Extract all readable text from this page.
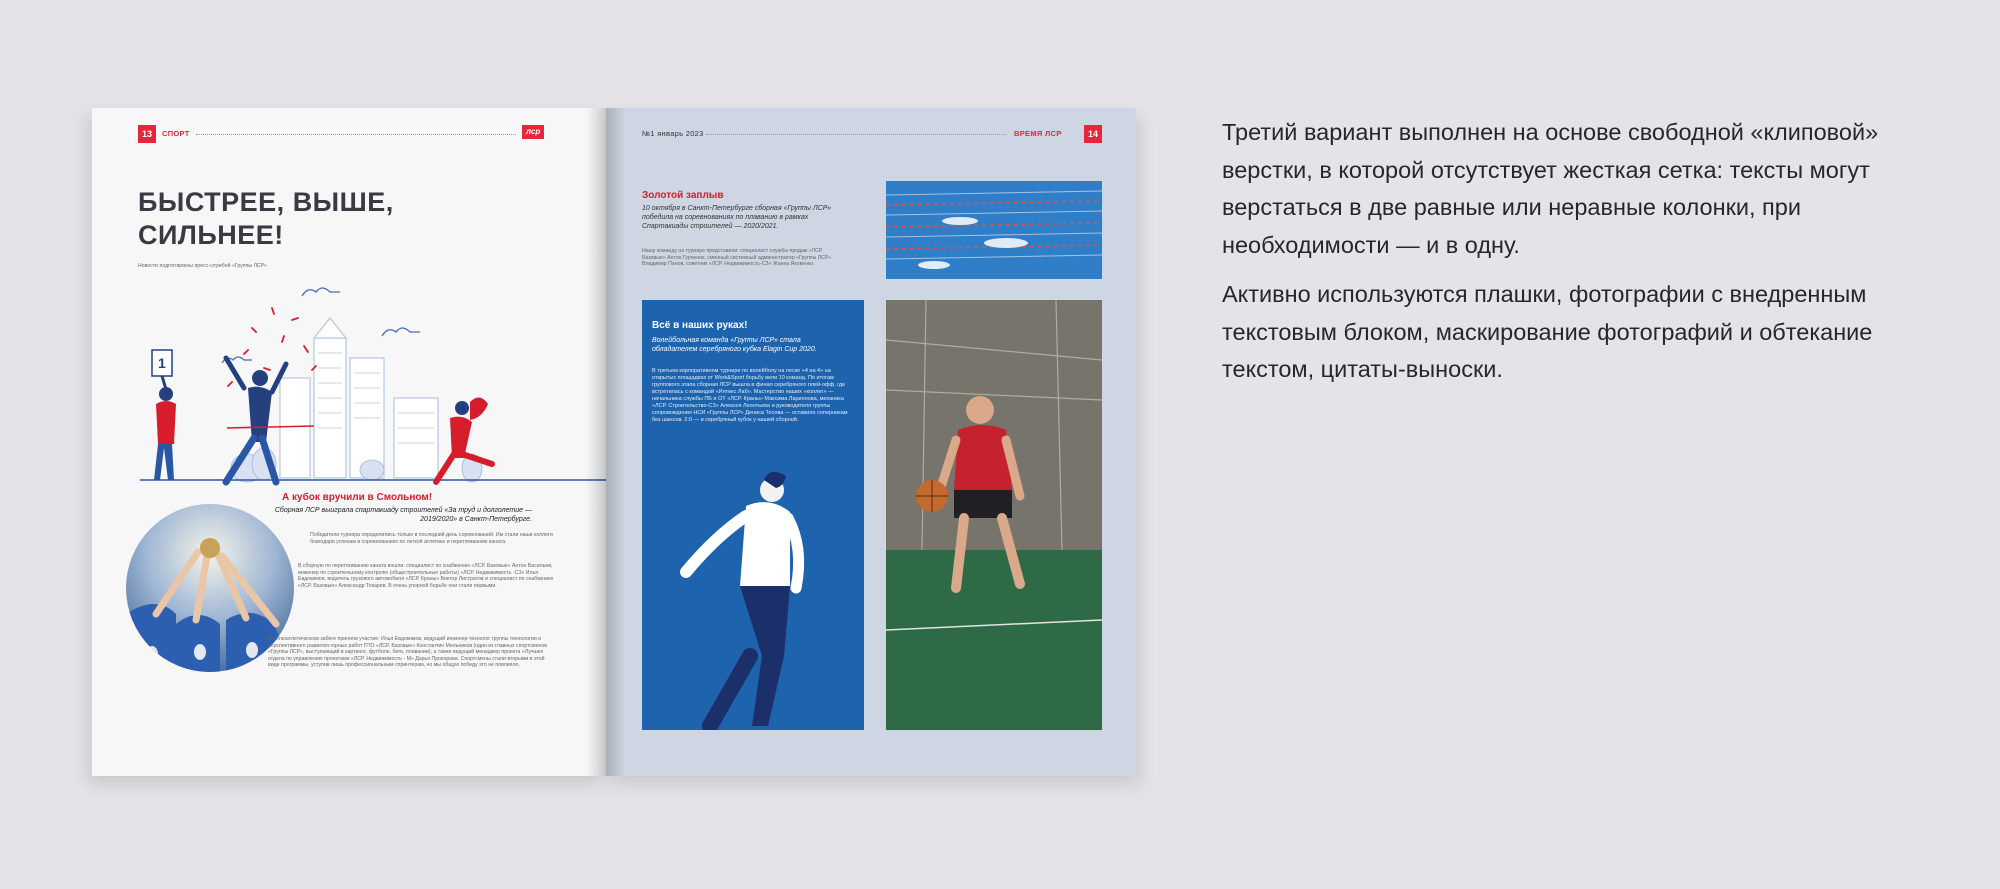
13	СПОРТ	лср
БЫСТРЕЕ, ВЫШЕ,
СИЛЬНЕЕ!
Новости подготовлены пресс-службой «Группы ЛСР»
1
А кубок вручили в Смольном!
Сборная ЛСР выиграла спартакиаду строителей «За труд и долголетие — 2019/2020» в Санкт-Петербурге.
Победители турнира определились только в последний день соревнований. Им стали наши коллеги благодаря успехам в соревнованиях по легкой атлетике и перетягиванию каната.
В сборную по перетягиванию каната вошли: специалист по снабжению «ЛСР. Базовые» Антон Васильев, инженер по строительному контролю (общестроительные работы) «ЛСР. Недвижимость -СЗ» Илья Евдокимов, водитель грузового автомобиля «ЛСР. Краны» Виктор Листратов и специалист по снабжению «ЛСР. Базовые» Александр Токарев. В очень упорной борьбе они стали первыми.
В легкоатлетическом забеге приняли участие: Илья Евдокимов, ведущий инженер-технолог группы технологии и перспективного развития горных работ ПТО «ЛСР. Базовые» Константин Мельников (один из главных спортсменов «Группы ЛСР», выступающий в картинге, футболе, беге, плавании), а также ведущий менеджер проекта «Лучшее отдела по управлению проектами «ЛСР. Недвижимость - М» Дарья Прохорова. Спортсмены стали вторыми в этой виде программы, уступив лишь профессиональным спринтерам, но мы общую победу это не повлияло.
№1 январь 2023	ВРЕМЯ ЛСР	14
Золотой заплыв
10 октября в Санкт-Петербурге сборная «Группы ЛСР» победила на соревнованиях по плаванию в рамках Спартакиады строителей — 2020/2021.
Нашу команду на турнире представили: специалист службы продаж «ЛСР. Базовые» Антон Гурченок, сменный системный администратор «Группы ЛСР» Владимир Панов, советник «ЛСР. Недвижимость-СЗ» Жанна Яковенко.
Всё в наших руках!
Волейбольная команда «Группы ЛСР» стала обладателем серебряного кубка Elagin Cup 2020.
В третьем корпоративном турнире по волейболу на песке «4 на 4» на открытых площадках от Work&Sport борьбу вели 10 команд. По итогам группового этапа сборная ЛСР вышла в финал серебряного плей-офф, где встретилась с командой «Интекс Лаб». Мастерство наших «коллег» — начальника службы ПБ и ОТ «ЛСР. Краны» Максима Ларионова, механика «ЛСР. Строительство-СЗ» Алексея Леонтьева и руководителя группы сопровождения НСИ «Группы ЛСР» Дениса Тесова — оставило соперникам без шансов. 2:0 — и серебряный кубок у нашей сборной.

Третий вариант выполнен на основе свободной «клиповой» верстки, в которой отсутствует жесткая сетка: тексты могут верстаться в две равные или неравные колонки, при необходимости — и в одну.

Активно используются плашки, фотографии с внедренным текстовым блоком, маскирование фотографий и обтекание текстом, цитаты-выноски.
